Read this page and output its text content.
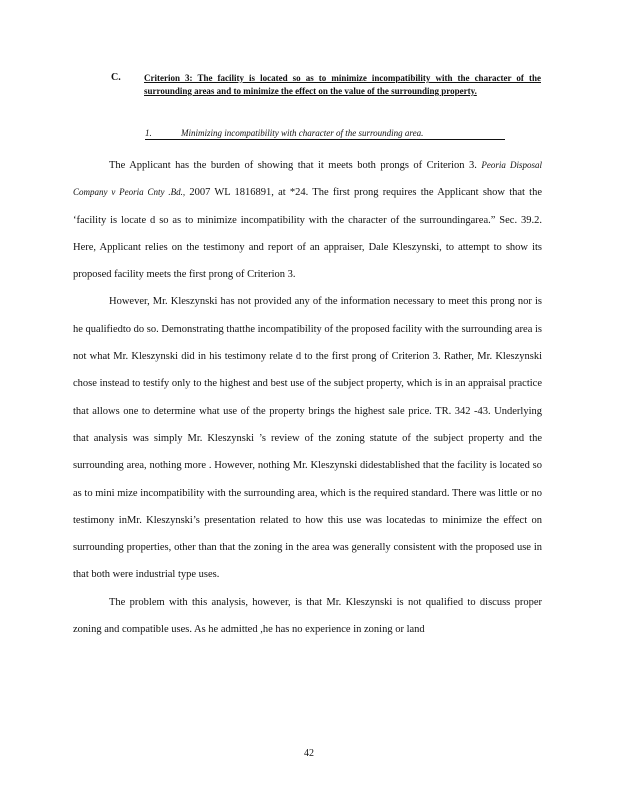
C.	Criterion 3: The facility is located so as to minimize incompatibility with the character of the surrounding areas and to minimize the effect on the value of the surrounding property.
1.	Minimizing incompatibility with character of the surrounding area.

The Applicant has the burden of showing that it meets both prongs of Criterion 3. Peoria Disposal Company v Peoria Cnty .Bd., 2007 WL 1816891, at *24. The first prong requires the Applicant show that the ‘facility is locate d so as to minimize incompatibility with the character of the surroundingarea.” Sec. 39.2. Here, Applicant relies on the testimony and report of an appraiser, Dale Kleszynski, to attempt to show its proposed facility meets the first prong of Criterion 3.

However, Mr. Kleszynski has not provided any of the information necessary to meet this prong nor is he qualifiedto do so. Demonstrating thatthe incompatibility of the proposed facility with the surrounding area is not what Mr. Kleszynski did in his testimony relate d to the first prong of Criterion 3. Rather, Mr. Kleszynski chose instead to testify only to the highest and best use of the subject property, which is in an appraisal practice that allows one to determine what use of the property brings the highest sale price. TR. 342 -43. Underlying that analysis was simply Mr. Kleszynski ’s review of the zoning statute of the subject property and the surrounding area, nothing more . However, nothing Mr. Kleszynski didestablished that the facility is located so as to mini mize incompatibility with the surrounding area, which is the required standard. There was little or no testimony inMr. Kleszynski’s presentation related to how this use was locatedas to minimize the effect on surrounding properties, other than that the zoning in the area was generally consistent with the proposed use in that both were industrial type uses.

The problem with this analysis, however, is that Mr. Kleszynski is not qualified to discuss proper zoning and compatible uses. As he admitted ,he has no experience in zoning or land

42
